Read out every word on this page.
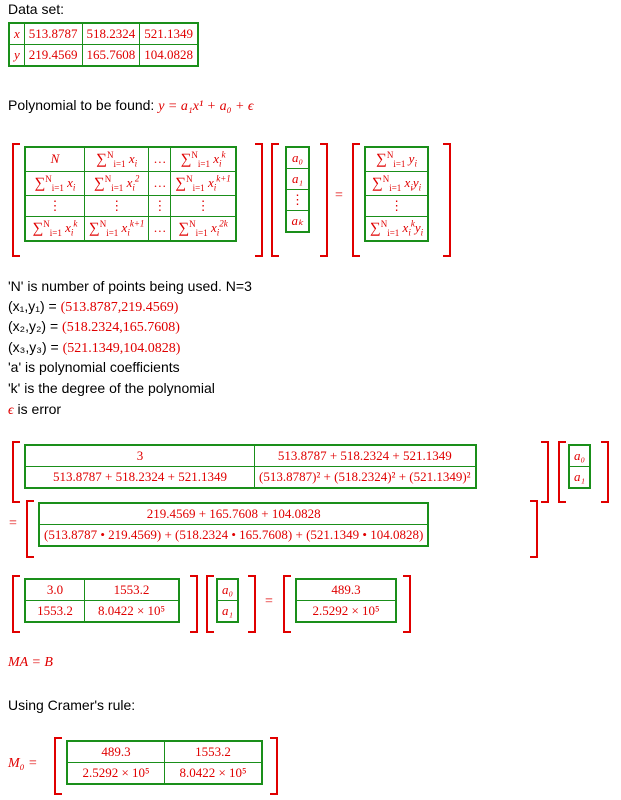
Data set:
x	513.8787	518.2324	521.1349
y	219.4569	165.7608	104.0828
Polynomial to be found: y = a₁x¹ + a₀ + ϵ
N	∑$^N_{i=1}$ $x_i$	…	∑$^N_{i=1}$ $x_i^k$
∑$^N_{i=1}$ $x_i$	∑$^N_{i=1}$ $x_i^2$	…	∑$^N_{i=1}$ $x_i^{k+1}$
⋮	⋮	⋮	⋮
∑$^N_{i=1}$ $x_i^k$	∑$^N_{i=1}$ $x_i^{k+1}$	…	∑$^N_{i=1}$ $x_i^{2k}$
a₀
a₁
⋮
aₖ
=
∑$^N_{i=1}$ $y_i$
∑$^N_{i=1}$ $x_iy_i$
⋮
∑$^N_{i=1}$ $x_i^ky_i$
'N' is number of points being used. N=3
(x₁,y₁) = (513.8787,219.4569)
(x₂,y₂) = (518.2324,165.7608)
(x₃,y₃) = (521.1349,104.0828)
'a' is polynomial coefficients
'k' is the degree of the polynomial
ϵ is error
3	513.8787 + 518.2324 + 521.1349
513.8787 + 518.2324 + 521.1349	(513.8787)² + (518.2324)² + (521.1349)²
a₀
a₁
=
219.4569 + 165.7608 + 104.0828
(513.8787 • 219.4569) + (518.2324 • 165.7608) + (521.1349 • 104.0828)
3.0	1553.2
1553.2	8.0422 × 10⁵
a₀
a₁
=
489.3
2.5292 × 10⁵
MA = B
Using Cramer's rule:
M₀ =
489.3	1553.2
2.5292 × 10⁵	8.0422 × 10⁵
